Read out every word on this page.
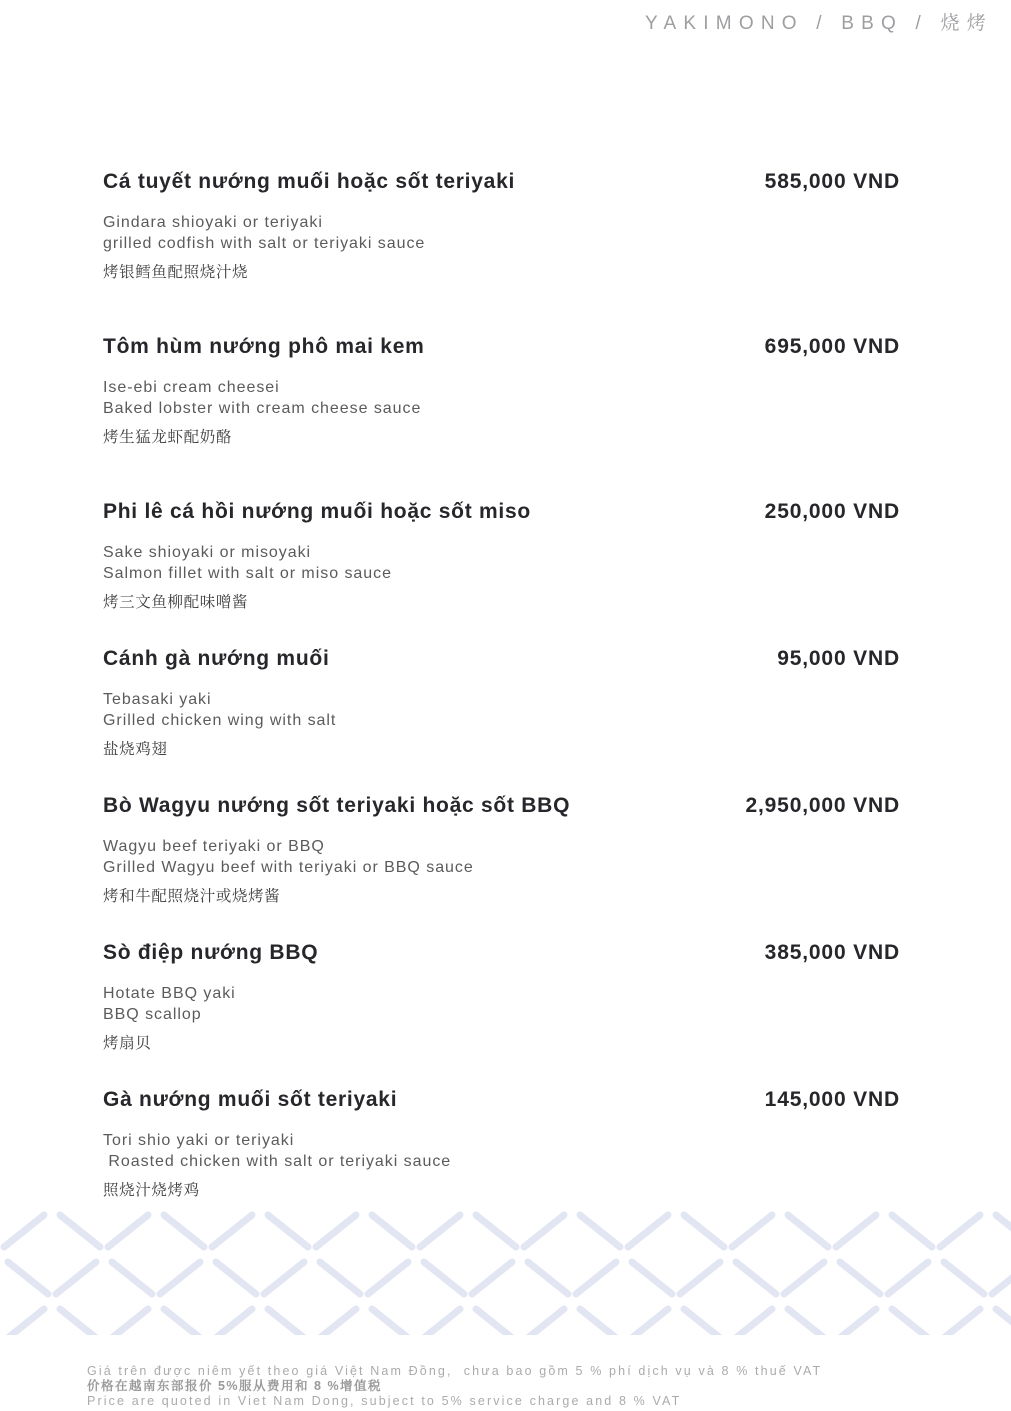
YAKIMONO / BBQ / 烧烤
Cá tuyết nướng muối hoặc sốt teriyaki	585,000 VND

Gindara shioyaki or teriyaki

grilled codfish with salt or teriyaki sauce

烤银鳕鱼配照烧汁烧

Tôm hùm nướng phô mai kem	695,000 VND

Ise-ebi cream cheesei

Baked lobster with cream cheese sauce

烤生猛龙虾配奶酪

Phi lê cá hồi nướng muối hoặc sốt miso	250,000 VND

Sake shioyaki or misoyaki

Salmon fillet with salt or miso sauce

烤三文鱼柳配味噌酱

Cánh gà nướng muối	95,000 VND

Tebasaki yaki

Grilled chicken wing with salt

盐烧鸡翅

Bò Wagyu nướng sốt teriyaki hoặc sốt BBQ	2,950,000 VND

Wagyu beef teriyaki or BBQ

Grilled Wagyu beef with teriyaki or BBQ sauce

烤和牛配照烧汁或烧烤酱

Sò điệp nướng BBQ	385,000 VND

Hotate BBQ yaki

BBQ scallop

烤扇贝

Gà nướng muối sốt teriyaki	145,000 VND

Tori shio yaki or teriyaki

Roasted chicken with salt or teriyaki sauce

照烧汁烧烤鸡

Giá trên được niêm yết theo giá Việt Nam Đồng,  chưa bao gồm 5 % phí dịch vụ và 8 % thuế VAT
价格在越南东部报价 5%服从费用和 8 %增值税
Price are quoted in Viet Nam Dong, subject to 5% service charge and 8 % VAT
